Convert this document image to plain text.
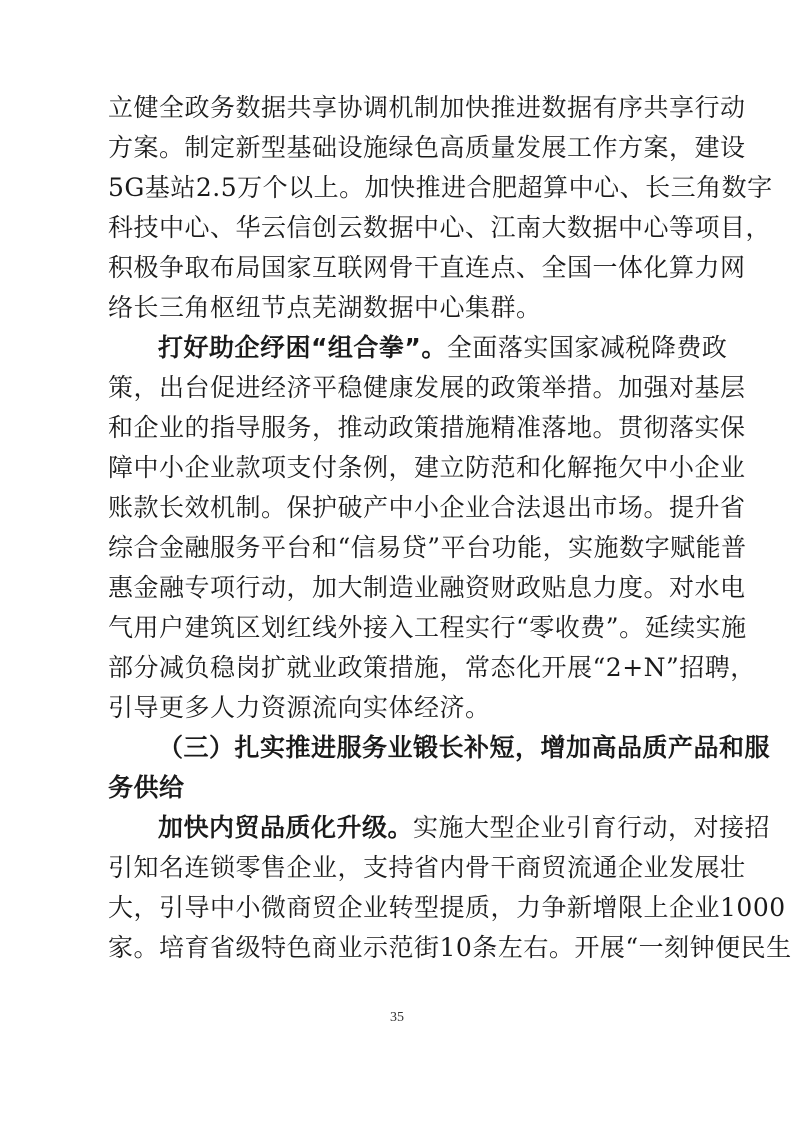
立健全政务数据共享协调机制加快推进数据有序共享行动
方案。制定新型基础设施绿色高质量发展工作方案，建设
5G基站2.5万个以上。加快推进合肥超算中心、长三角数字
科技中心、华云信创云数据中心、江南大数据中心等项目，
积极争取布局国家互联网骨干直连点、全国一体化算力网
络长三角枢纽节点芜湖数据中心集群。
打好助企纾困“组合拳”。全面落实国家减税降费政
策，出台促进经济平稳健康发展的政策举措。加强对基层
和企业的指导服务，推动政策措施精准落地。贯彻落实保
障中小企业款项支付条例，建立防范和化解拖欠中小企业
账款长效机制。保护破产中小企业合法退出市场。提升省
综合金融服务平台和“信易贷”平台功能，实施数字赋能普
惠金融专项行动，加大制造业融资财政贴息力度。对水电
气用户建筑区划红线外接入工程实行“零收费”。延续实施
部分减负稳岗扩就业政策措施，常态化开展“2+N”招聘，
引导更多人力资源流向实体经济。
（三）扎实推进服务业锻长补短，增加高品质产品和服
务供给
加快内贸品质化升级。实施大型企业引育行动，对接招
引知名连锁零售企业，支持省内骨干商贸流通企业发展壮
大，引导中小微商贸企业转型提质，力争新增限上企业1000
家。培育省级特色商业示范街10条左右。开展“一刻钟便民生
35
